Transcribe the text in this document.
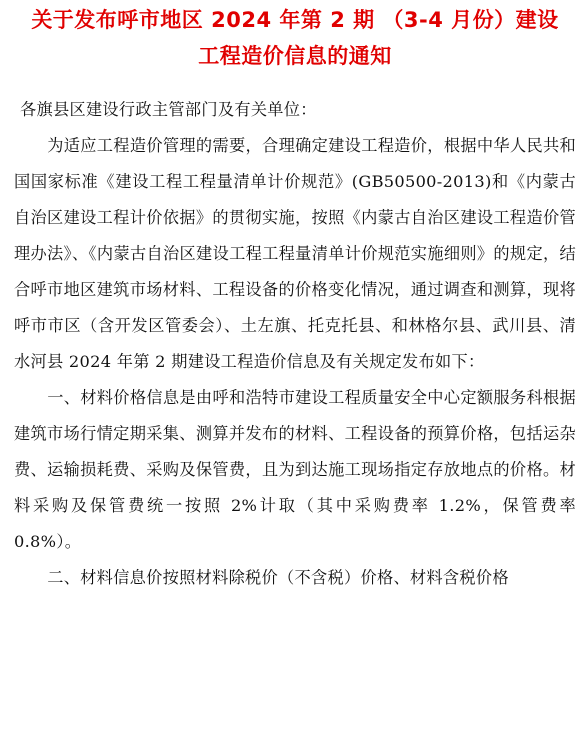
关于发布呼市地区 2024 年第 2 期 （3-4 月份）建设
工程造价信息的通知

各旗县区建设行政主管部门及有关单位：

为适应工程造价管理的需要，合理确定建设工程造价，根据中华人民共和国国家标准《建设工程工程量清单计价规范》(GB50500-2013)和《内蒙古自治区建设工程计价依据》的贯彻实施，按照《内蒙古自治区建设工程造价管理办法》、《内蒙古自治区建设工程工程量清单计价规范实施细则》的规定，结合呼市地区建筑市场材料、工程设备的价格变化情况，通过调查和测算，现将呼市市区（含开发区管委会）、土左旗、托克托县、和林格尔县、武川县、清水河县 2024 年第 2 期建设工程造价信息及有关规定发布如下：

一、材料价格信息是由呼和浩特市建设工程质量安全中心定额服务科根据建筑市场行情定期采集、测算并发布的材料、工程设备的预算价格，包括运杂费、运输损耗费、采购及保管费，且为到达施工现场指定存放地点的价格。材料采购及保管费统一按照 2%计取（其中采购费率 1.2%，保管费率 0.8%）。

二、材料信息价按照材料除税价（不含税）价格、材料含税价格
